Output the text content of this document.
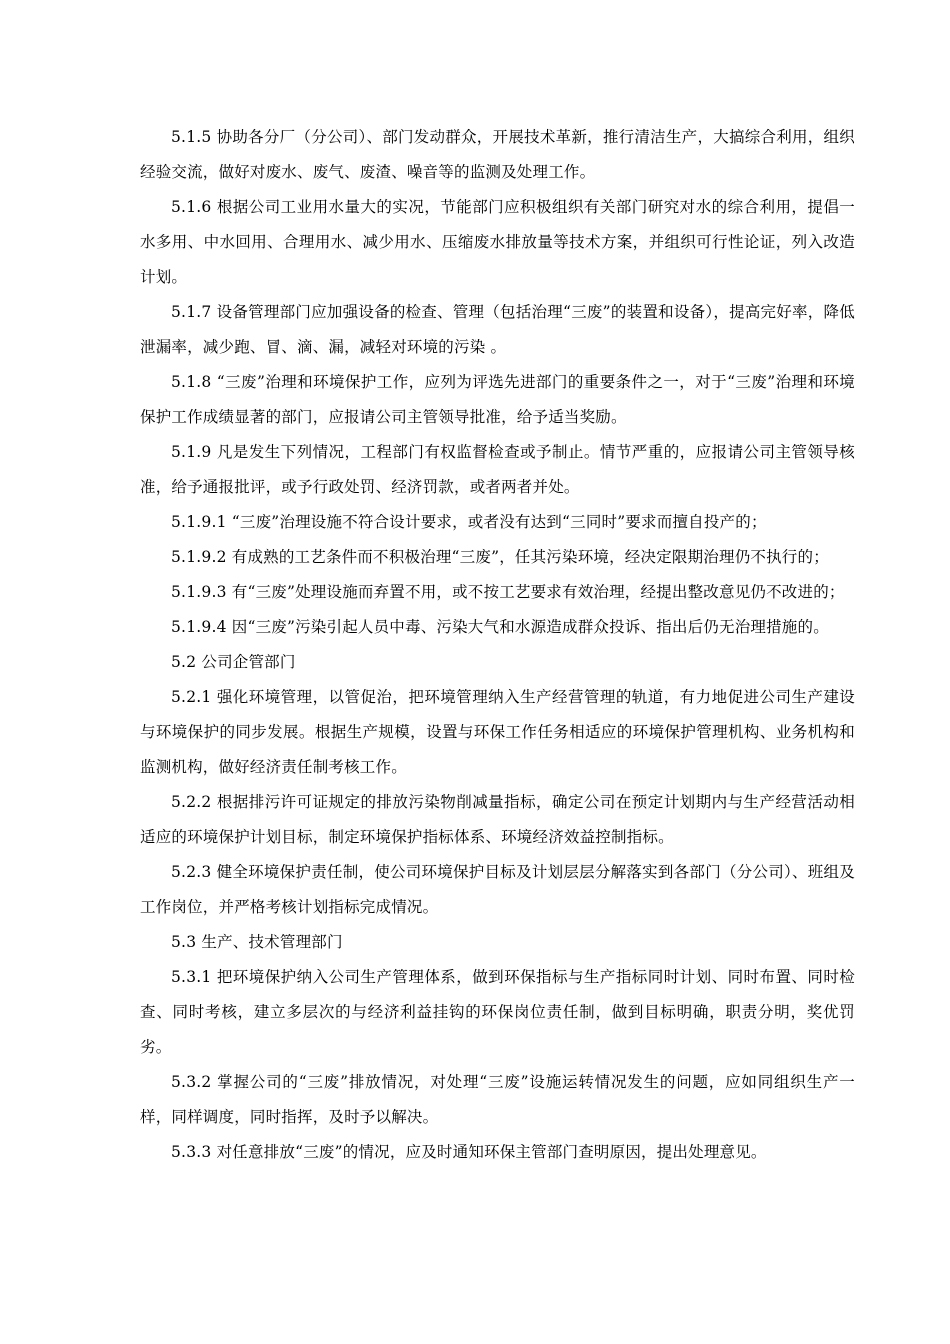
5.1.5 协助各分厂（分公司）、部门发动群众，开展技术革新，推行清洁生产，大搞综合利用，组织经验交流，做好对废水、废气、废渣、噪音等的监测及处理工作。

5.1.6 根据公司工业用水量大的实况，节能部门应积极组织有关部门研究对水的综合利用，提倡一水多用、中水回用、合理用水、减少用水、压缩废水排放量等技术方案，并组织可行性论证，列入改造计划。

5.1.7 设备管理部门应加强设备的检查、管理（包括治理“三废”的装置和设备），提高完好率，降低泄漏率，减少跑、冒、滴、漏，减轻对环境的污染 。

5.1.8 “三废”治理和环境保护工作，应列为评选先进部门的重要条件之一，对于“三废”治理和环境保护工作成绩显著的部门，应报请公司主管领导批准，给予适当奖励。

5.1.9 凡是发生下列情况，工程部门有权监督检查或予制止。情节严重的，应报请公司主管领导核准，给予通报批评，或予行政处罚、经济罚款，或者两者并处。

5.1.9.1 “三废”治理设施不符合设计要求，或者没有达到“三同时”要求而擅自投产的；

5.1.9.2 有成熟的工艺条件而不积极治理“三废”，任其污染环境，经决定限期治理仍不执行的；

5.1.9.3 有“三废”处理设施而弃置不用，或不按工艺要求有效治理，经提出整改意见仍不改进的；

5.1.9.4 因“三废”污染引起人员中毒、污染大气和水源造成群众投诉、指出后仍无治理措施的。

5.2 公司企管部门

5.2.1 强化环境管理，以管促治，把环境管理纳入生产经营管理的轨道，有力地促进公司生产建设与环境保护的同步发展。根据生产规模，设置与环保工作任务相适应的环境保护管理机构、业务机构和监测机构，做好经济责任制考核工作。

5.2.2 根据排污许可证规定的排放污染物削减量指标，确定公司在预定计划期内与生产经营活动相适应的环境保护计划目标，制定环境保护指标体系、环境经济效益控制指标。

5.2.3 健全环境保护责任制，使公司环境保护目标及计划层层分解落实到各部门（分公司）、班组及工作岗位，并严格考核计划指标完成情况。

5.3 生产、技术管理部门

5.3.1 把环境保护纳入公司生产管理体系，做到环保指标与生产指标同时计划、同时布置、同时检查、同时考核，建立多层次的与经济利益挂钩的环保岗位责任制，做到目标明确，职责分明，奖优罚劣。

5.3.2 掌握公司的“三废”排放情况，对处理“三废”设施运转情况发生的问题，应如同组织生产一样，同样调度，同时指挥，及时予以解决。

5.3.3 对任意排放“三废”的情况，应及时通知环保主管部门查明原因，提出处理意见。
